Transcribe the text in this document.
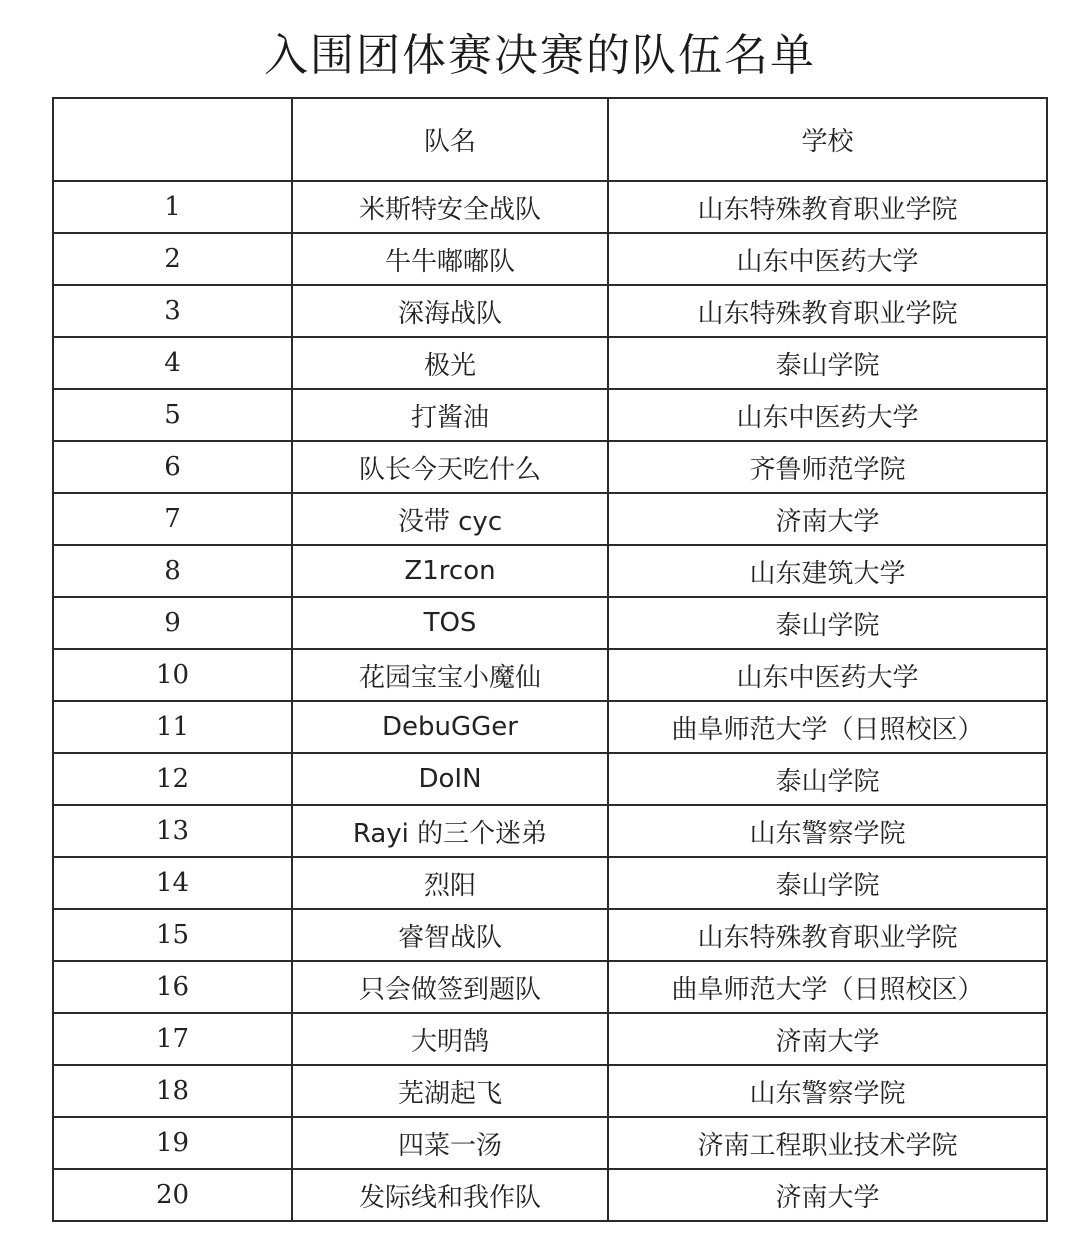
入围团体赛决赛的队伍名单
	队名	学校
1	米斯特安全战队	山东特殊教育职业学院
2	牛牛嘟嘟队	山东中医药大学
3	深海战队	山东特殊教育职业学院
4	极光	泰山学院
5	打酱油	山东中医药大学
6	队长今天吃什么	齐鲁师范学院
7	没带 cyc	济南大学
8	Z1rcon	山东建筑大学
9	TOS	泰山学院
10	花园宝宝小魔仙	山东中医药大学
11	DebuGGer	曲阜师范大学（日照校区）
12	DoIN	泰山学院
13	Rayi 的三个迷弟	山东警察学院
14	烈阳	泰山学院
15	睿智战队	山东特殊教育职业学院
16	只会做签到题队	曲阜师范大学（日照校区）
17	大明鹄	济南大学
18	芜湖起飞	山东警察学院
19	四菜一汤	济南工程职业技术学院
20	发际线和我作队	济南大学
